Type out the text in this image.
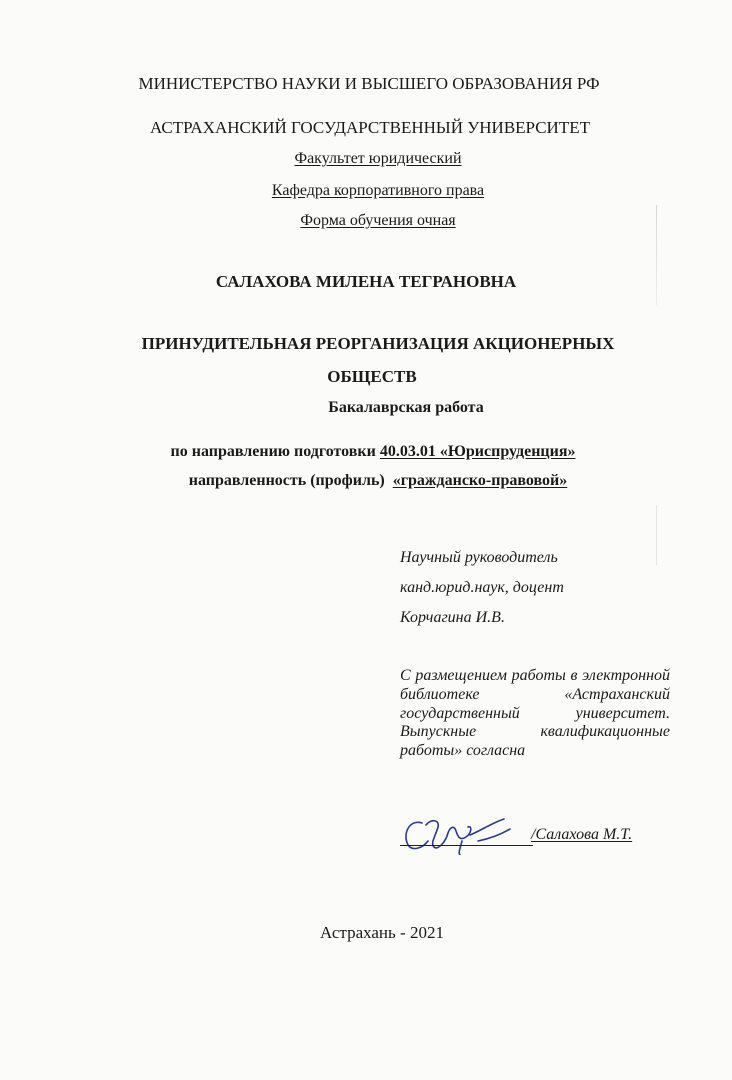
МИНИСТЕРСТВО НАУКИ И ВЫСШЕГО ОБРАЗОВАНИЯ РФ
АСТРАХАНСКИЙ ГОСУДАРСТВЕННЫЙ УНИВЕРСИТЕТ
Факультет юридический
Кафедра корпоративного права
Форма обучения очная
САЛАХОВА МИЛЕНА ТЕГРАНОВНА
ПРИНУДИТЕЛЬНАЯ РЕОРГАНИЗАЦИЯ АКЦИОНЕРНЫХ
ОБЩЕСТВ
Бакалаврская работа
по направлению подготовки 40.03.01 «Юриспруденция»
направленность (профиль)  «гражданско-правовой»
Научный руководитель
канд.юрид.наук, доцент
Корчагина И.В.
С размещением работы в электронной библиотеке «Астраханский государственный университет. Выпускные квалификационные работы» согласна
/Салахова М.Т.
Астрахань - 2021
